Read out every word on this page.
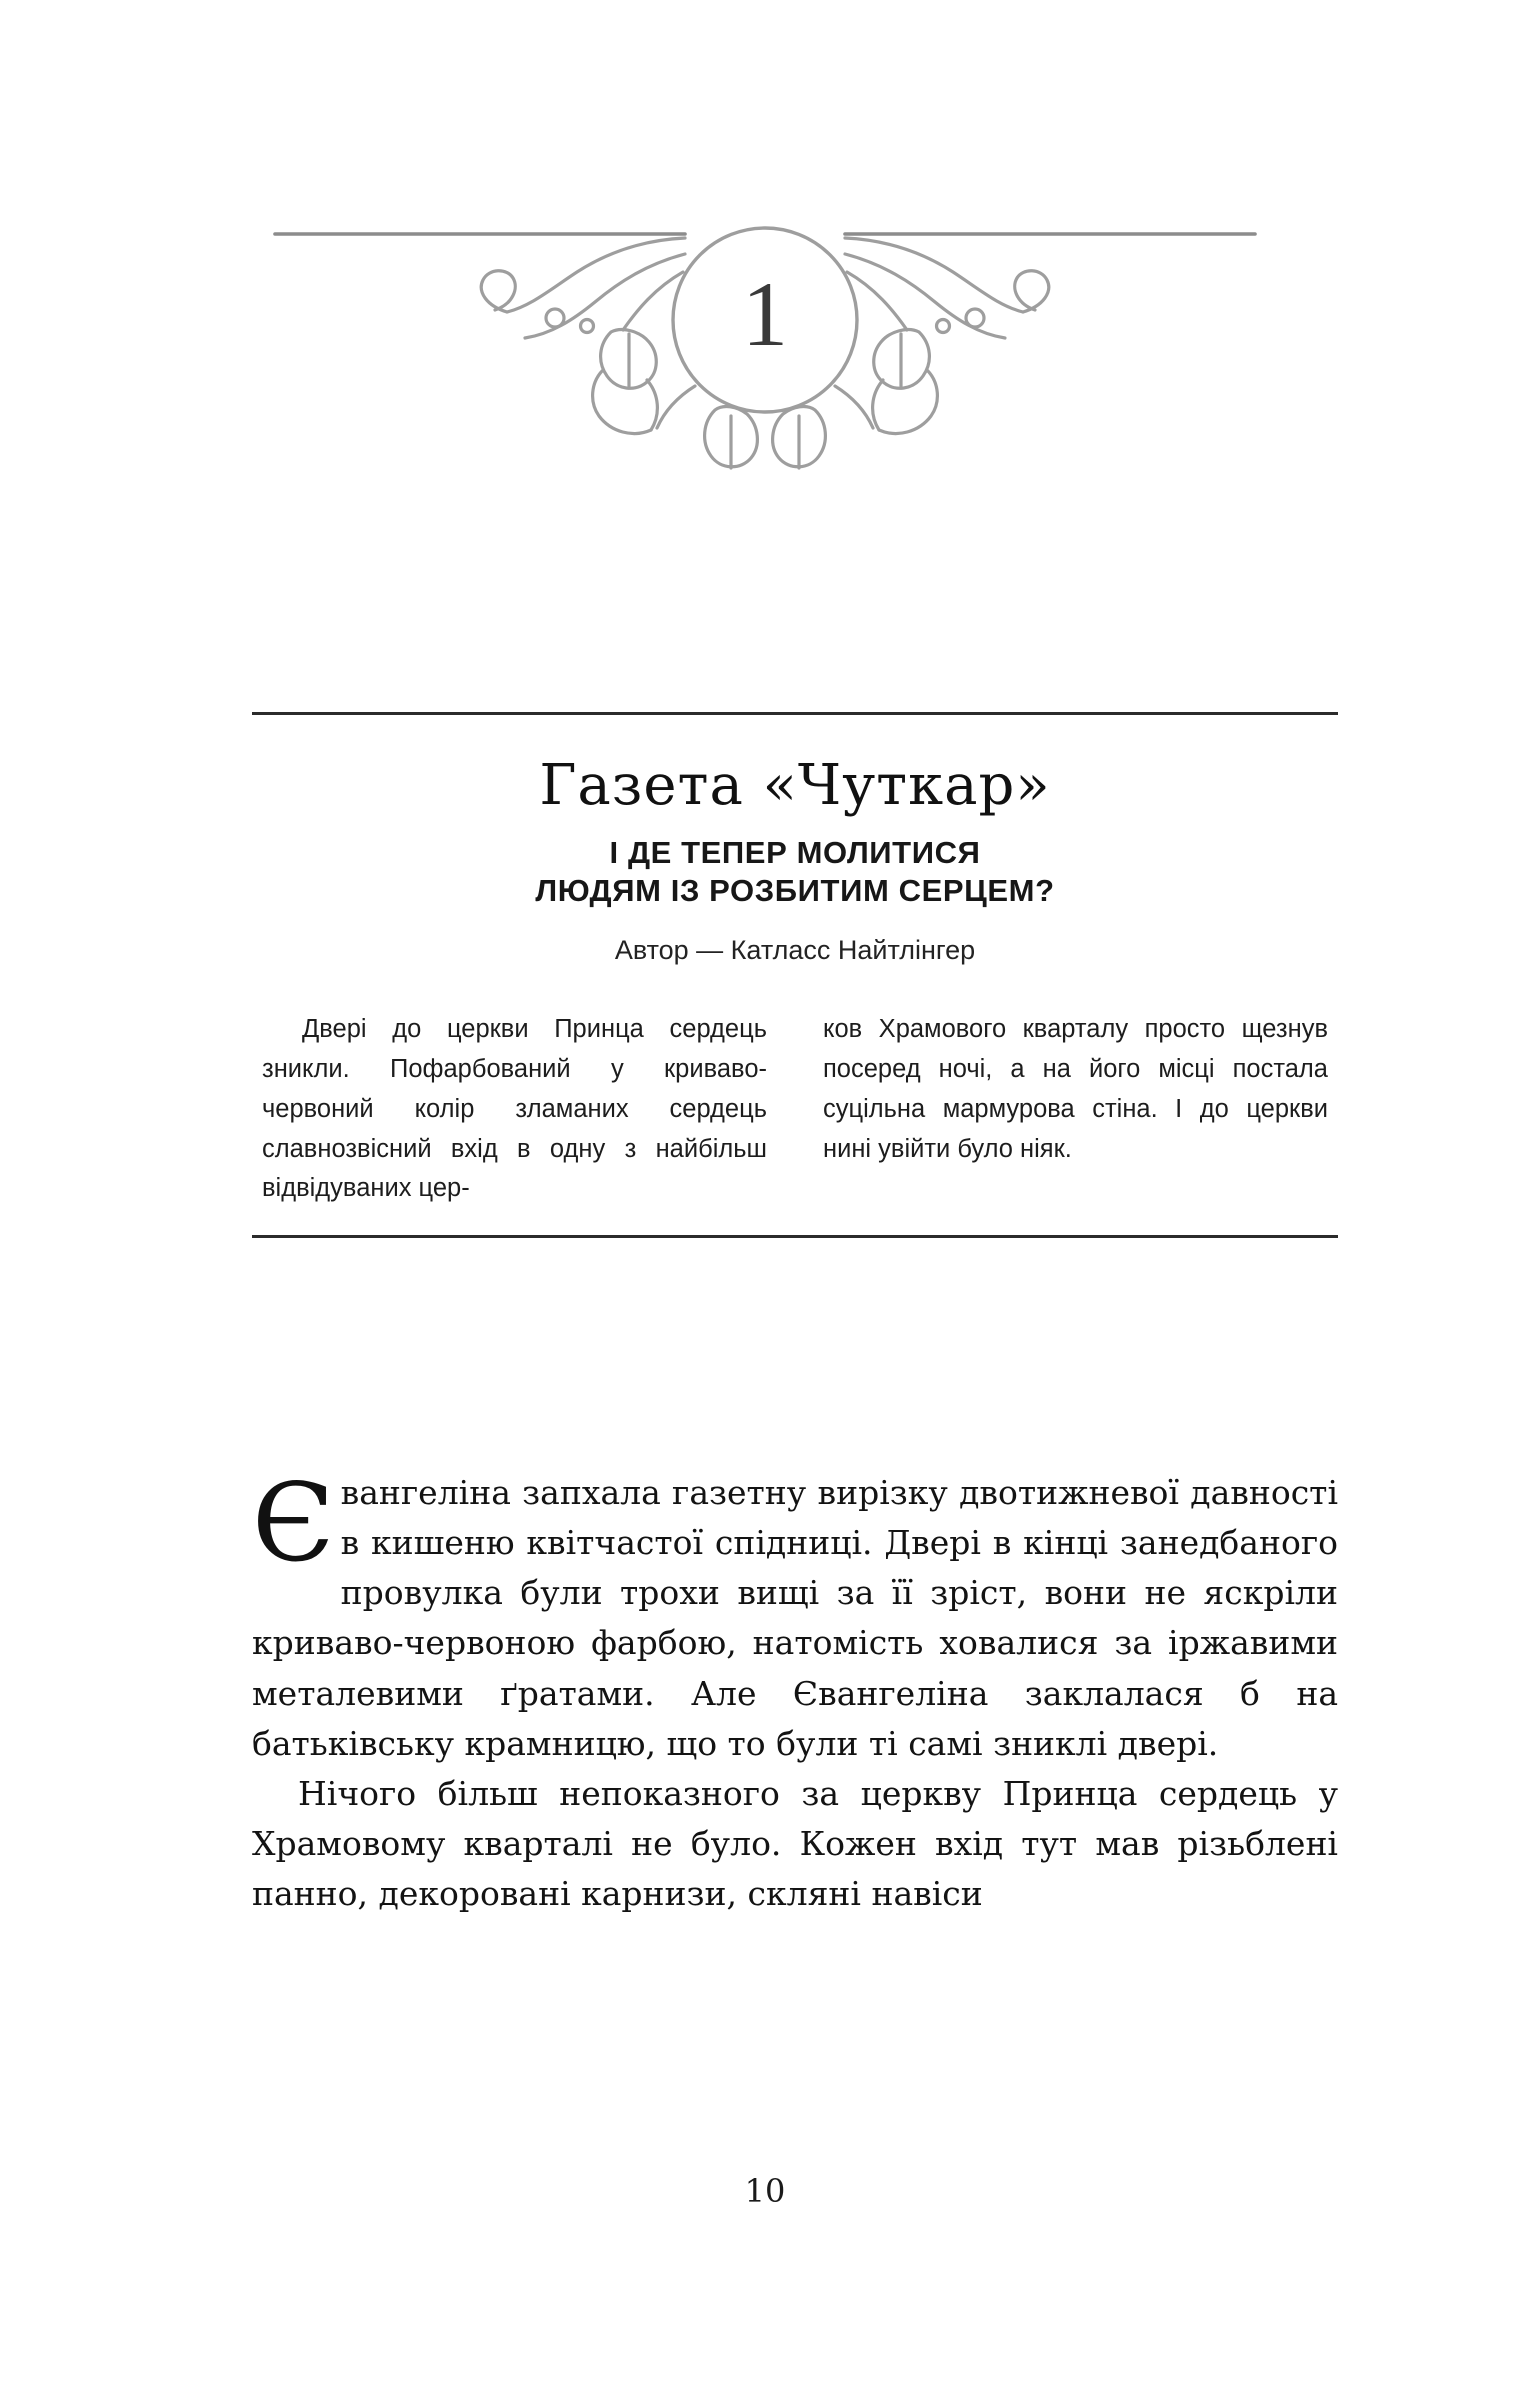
1
Газета «Чуткар»
І ДЕ ТЕПЕР МОЛИТИСЯ
ЛЮДЯМ ІЗ РОЗБИТИМ СЕРЦЕМ?
Автор — Катласс Найтлінгер
Двері до церкви Принца сердець зникли. Пофарбований у криваво-червоний колір зламаних сердець славнозвісний вхід в одну з найбільш відвідуваних цер-
ков Храмового кварталу просто щезнув посеред ночі, а на його місці постала суцільна мармурова стіна. І до церкви нині увійти було ніяк.

Євангеліна запхала газетну вирізку двотижневої давності в кишеню квітчастої спідниці. Двері в кінці занедбаного провулка були трохи вищі за її зріст, вони не яскріли криваво-червоною фарбою, натомість ховалися за іржавими металевими ґратами. Але Євангеліна заклалася б на батьківську крамницю, що то були ті самі зниклі двері.

Нічого більш непоказного за церкву Принца сердець у Храмовому кварталі не було. Кожен вхід тут мав різьблені панно, декоровані карнизи, скляні навіси

10
